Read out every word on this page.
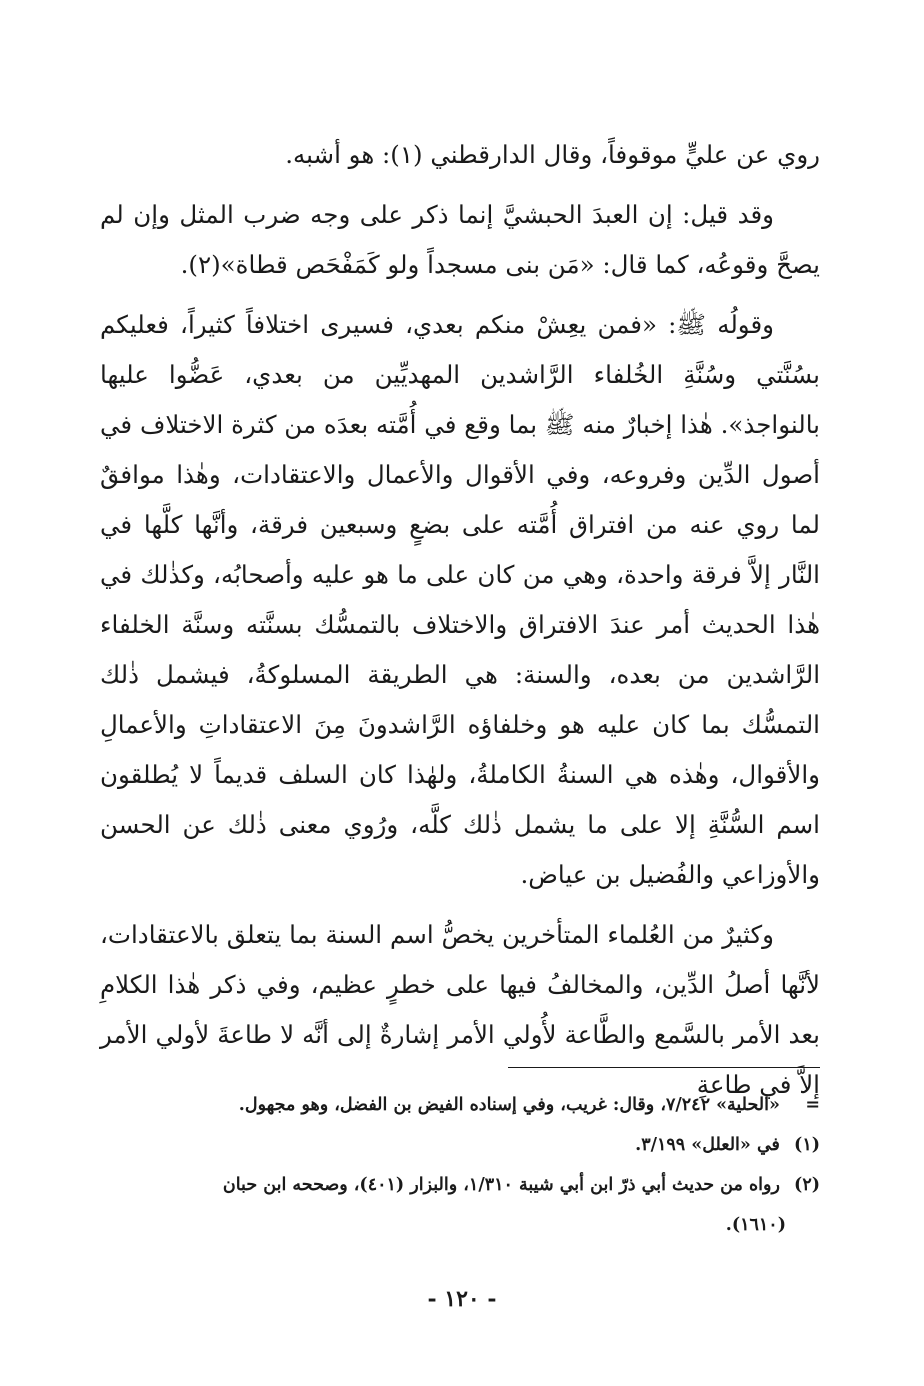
روي عن عليٍّ موقوفاً، وقال الدارقطني (١): هو أشبه.

وقد قيل: إن العبدَ الحبشيَّ إنما ذكر على وجه ضرب المثل وإن لم يصحَّ وقوعُه، كما قال: «مَن بنى مسجداً ولو كَمَفْحَص قطاة»(٢).

وقولُه ﷺ: «فمن يعِشْ منكم بعدي، فسيرى اختلافاً كثيراً، فعليكم بسُنَّتي وسُنَّةِ الخُلفاء الرَّاشدين المهديِّين من بعدي، عَضُّوا عليها بالنواجذ». هٰذا إخبارٌ منه ﷺ بما وقع في أُمَّته بعدَه من كثرة الاختلاف في أصول الدِّين وفروعه، وفي الأقوال والأعمال والاعتقادات، وهٰذا موافقٌ لما روي عنه من افتراق أُمَّته على بضعٍ وسبعين فرقة، وأنَّها كلَّها في النَّار إلاَّ فرقة واحدة، وهي من كان على ما هو عليه وأصحابُه، وكذٰلك في هٰذا الحديث أمر عندَ الافتراق والاختلاف بالتمسُّك بسنَّته وسنَّة الخلفاء الرَّاشدين من بعده، والسنة: هي الطريقة المسلوكةُ، فيشمل ذٰلك التمسُّك بما كان عليه هو وخلفاؤه الرَّاشدونَ مِنَ الاعتقاداتِ والأعمالِ والأقوال، وهٰذه هي السنةُ الكاملةُ، ولهٰذا كان السلف قديماً لا يُطلقون اسم السُّنَّةِ إلا على ما يشمل ذٰلك كلَّه، ورُوي معنى ذٰلك عن الحسن والأوزاعي والفُضيل بن عياض.

وكثيرٌ من العُلماء المتأخرين يخصُّ اسم السنة بما يتعلق بالاعتقادات، لأنَّها أصلُ الدِّين، والمخالفُ فيها على خطرٍ عظيم، وفي ذكر هٰذا الكلامِ بعد الأمر بالسَّمع والطَّاعة لأُولي الأمر إشارةٌ إلى أنَّه لا طاعةَ لأولي الأمر إلاَّ في طاعةِ

= «الحلية» ٧/٢٤٢، وقال: غريب، وفي إسناده الفيض بن الفضل، وهو مجهول.

(١) في «العلل» ٣/١٩٩.

(٢) رواه من حديث أبي ذرّ ابن أبي شيبة ١/٣١٠، والبزار (٤٠١)، وصححه ابن حبان
(١٦١٠).

- ١٢٠ -
